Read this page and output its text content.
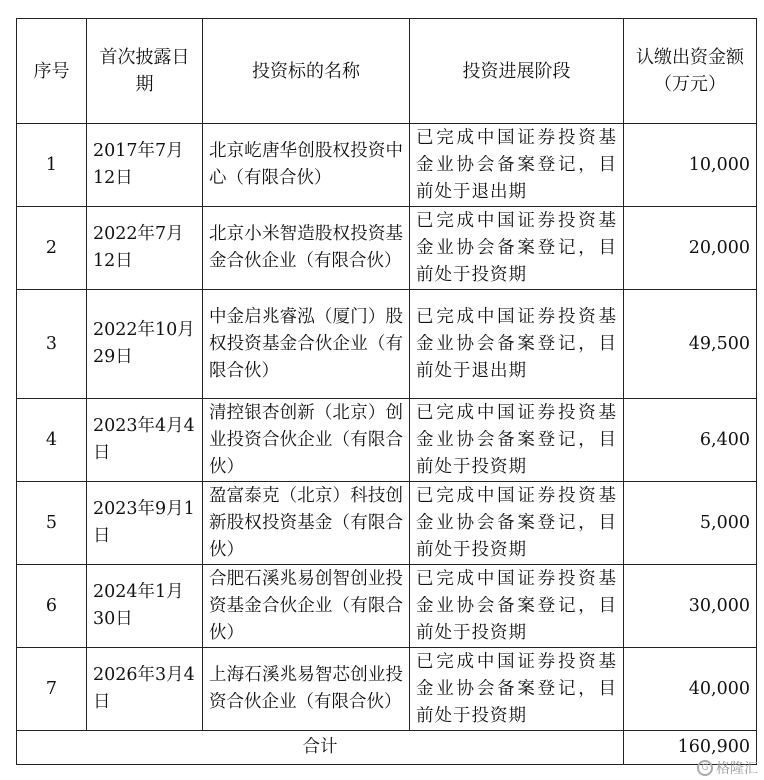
序号	首次披露日期	投资标的名称	投资进展阶段	认缴出资金额（万元）
1	2017年7月12日	北京屹唐华创股权投资中心（有限合伙）	已完成中国证券投资基金业协会备案登记，目前处于退出期	10,000
2	2022年7月12日	北京小米智造股权投资基金合伙企业（有限合伙）	已完成中国证券投资基金业协会备案登记，目前处于投资期	20,000
3	2022年10月29日	中金启兆睿泓（厦门）股权投资基金合伙企业（有限合伙）	已完成中国证券投资基金业协会备案登记，目前处于退出期	49,500
4	2023年4月4日	清控银杏创新（北京）创业投资合伙企业（有限合伙）	已完成中国证券投资基金业协会备案登记，目前处于投资期	6,400
5	2023年9月1日	盈富泰克（北京）科技创新股权投资基金（有限合伙）	已完成中国证券投资基金业协会备案登记，目前处于投资期	5,000
6	2024年1月30日	合肥石溪兆易创智创业投资基金合伙企业（有限合伙）	已完成中国证券投资基金业协会备案登记，目前处于投资期	30,000
7	2026年3月4日	上海石溪兆易智芯创业投资合伙企业（有限合伙）	已完成中国证券投资基金业协会备案登记，目前处于投资期	40,000
合计				160,900
G 格隆汇
